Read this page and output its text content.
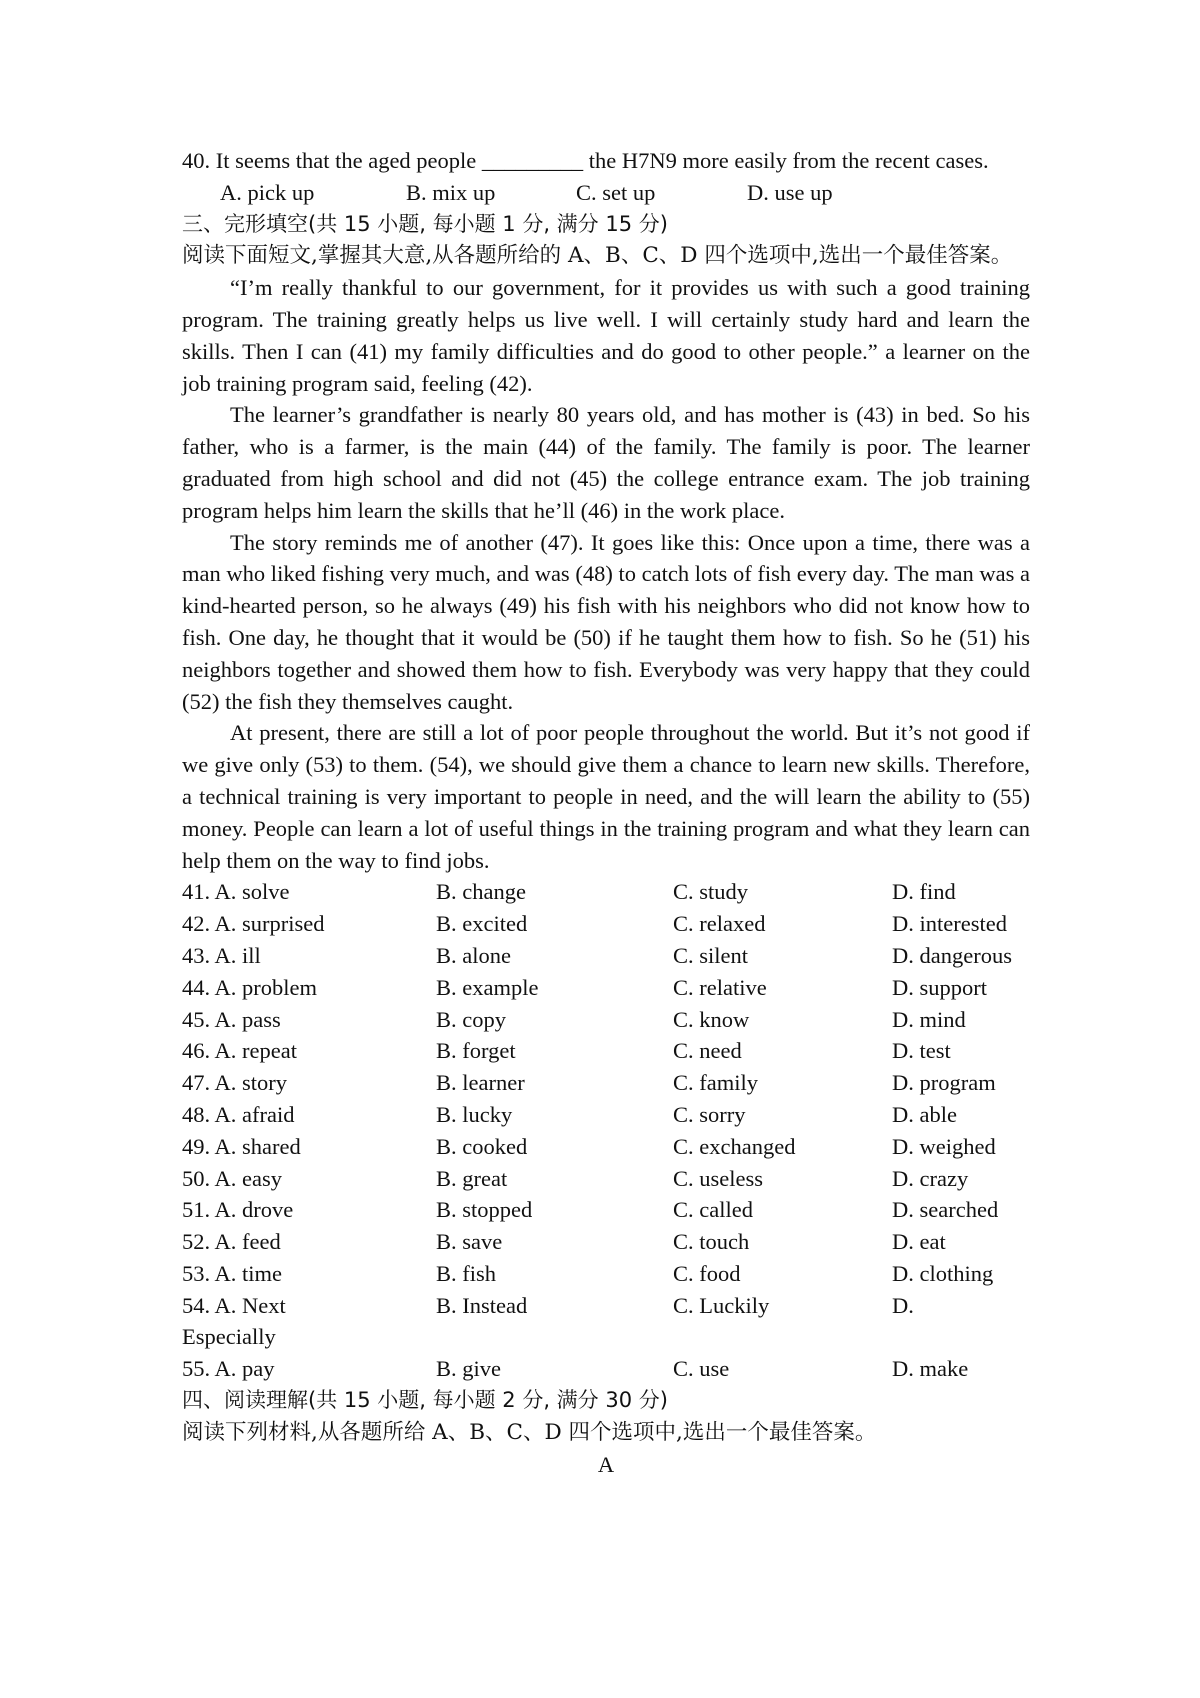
40. It seems that the aged people _________ the H7N9 more easily from the recent cases.

A. pick up	B. mix up	C. set up	D. use up

三、完形填空(共 15 小题, 每小题 1 分, 满分 15 分)

阅读下面短文,掌握其大意,从各题所给的 A、B、C、D 四个选项中,选出一个最佳答案。

“I’m really thankful to our government, for it provides us with such a good training program. The training greatly helps us live well. I will certainly study hard and learn the skills. Then I can (41) my family difficulties and do good to other people.” a learner on the job training program said, feeling (42).

The learner’s grandfather is nearly 80 years old, and has mother is (43) in bed. So his father, who is a farmer, is the main (44) of the family. The family is poor. The learner graduated from high school and did not (45) the college entrance exam. The job training program helps him learn the skills that he’ll (46) in the work place.

The story reminds me of another (47). It goes like this: Once upon a time, there was a man who liked fishing very much, and was (48) to catch lots of fish every day. The man was a kind-hearted person, so he always (49) his fish with his neighbors who did not know how to fish. One day, he thought that it would be (50) if he taught them how to fish. So he (51) his neighbors together and showed them how to fish. Everybody was very happy that they could (52) the fish they themselves caught.

At present, there are still a lot of poor people throughout the world. But it’s not good if we give only (53) to them. (54), we should give them a chance to learn new skills. Therefore, a technical training is very important to people in need, and the will learn the ability to (55) money. People can learn a lot of useful things in the training program and what they learn can help them on the way to find jobs.

41. A. solve	B. change	C. study	D. find
42. A. surprised	B. excited	C. relaxed	D. interested
43. A. ill	B. alone	C. silent	D. dangerous
44. A. problem	B. example	C. relative	D. support
45. A. pass	B. copy	C. know	D. mind
46. A. repeat	B. forget	C. need	D. test
47. A. story	B. learner	C. family	D. program
48. A. afraid	B. lucky	C. sorry	D. able
49. A. shared	B. cooked	C. exchanged	D. weighed
50. A. easy	B. great	C. useless	D. crazy
51. A. drove	B. stopped	C. called	D. searched
52. A. feed	B. save	C. touch	D. eat
53. A. time	B. fish	C. food	D. clothing
54. A. Next	B. Instead	C. Luckily	D.
Especially
55. A. pay	B. give	C. use	D. make

四、阅读理解(共 15 小题, 每小题 2 分, 满分 30 分)

阅读下列材料,从各题所给 A、B、C、D 四个选项中,选出一个最佳答案。

A
